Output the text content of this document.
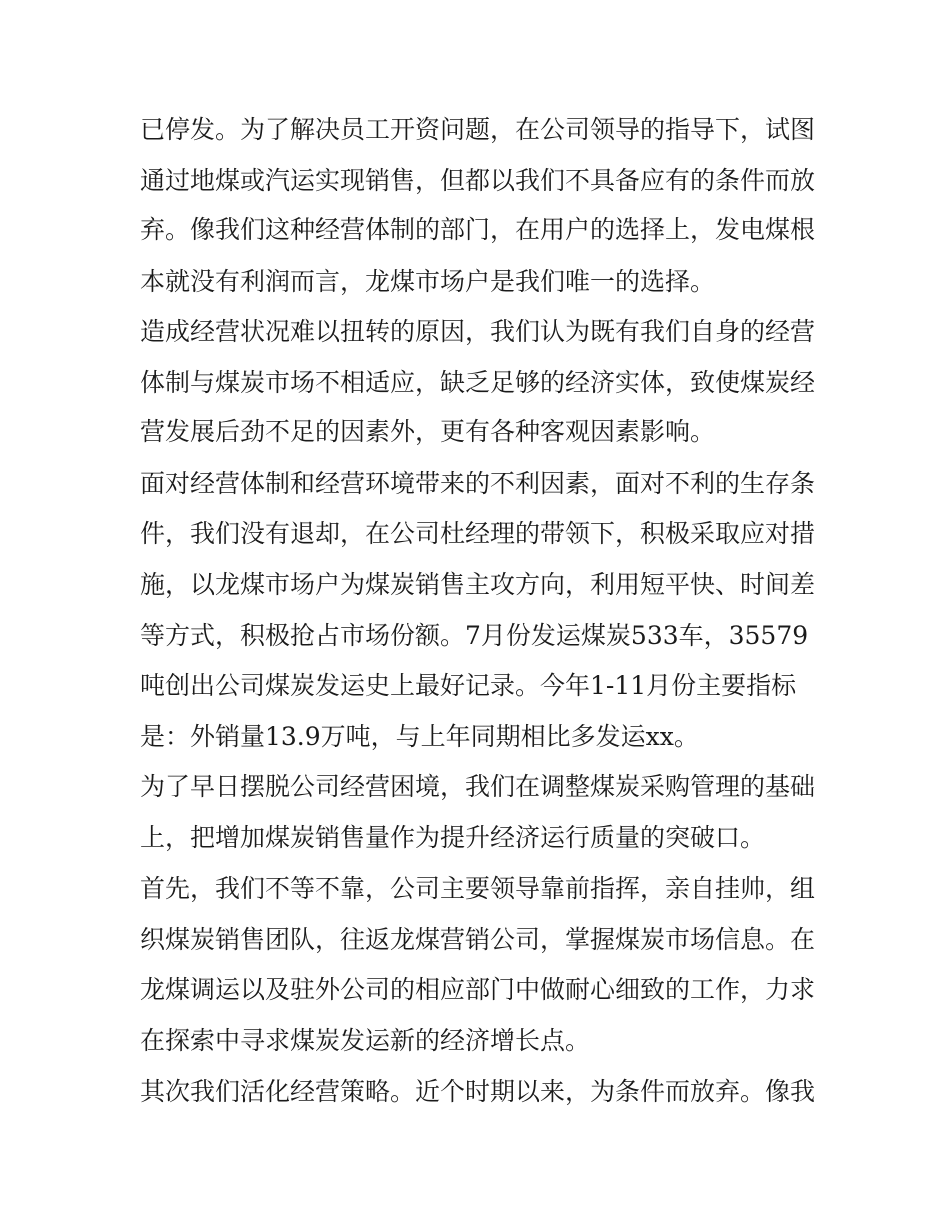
已停发。为了解决员工开资问题，在公司领导的指导下，试图
通过地煤或汽运实现销售，但都以我们不具备应有的条件而放
弃。像我们这种经营体制的部门，在用户的选择上，发电煤根
本就没有利润而言，龙煤市场户是我们唯一的选择。
造成经营状况难以扭转的原因，我们认为既有我们自身的经营
体制与煤炭市场不相适应，缺乏足够的经济实体，致使煤炭经
营发展后劲不足的因素外，更有各种客观因素影响。
面对经营体制和经营环境带来的不利因素，面对不利的生存条
件，我们没有退却，在公司杜经理的带领下，积极采取应对措
施，以龙煤市场户为煤炭销售主攻方向，利用短平快、时间差
等方式，积极抢占市场份额。7月份发运煤炭533车，35579
吨创出公司煤炭发运史上最好记录。今年1-11月份主要指标
是：外销量13.9万吨，与上年同期相比多发运xx。
为了早日摆脱公司经营困境，我们在调整煤炭采购管理的基础
上，把增加煤炭销售量作为提升经济运行质量的突破口。
首先，我们不等不靠，公司主要领导靠前指挥，亲自挂帅，组
织煤炭销售团队，往返龙煤营销公司，掌握煤炭市场信息。在
龙煤调运以及驻外公司的相应部门中做耐心细致的工作，力求
在探索中寻求煤炭发运新的经济增长点。
其次我们活化经营策略。近个时期以来，为条件而放弃。像我
